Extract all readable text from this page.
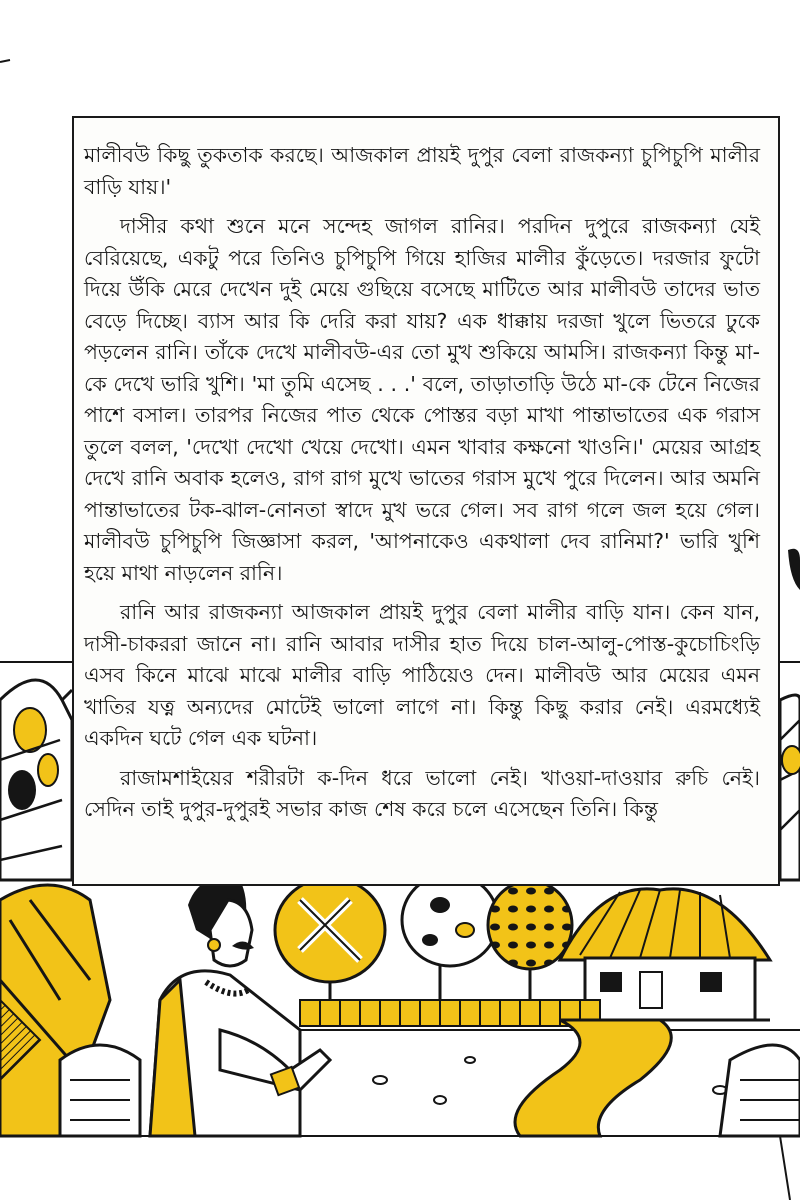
মালীবউ কিছু তুকতাক করছে। আজকাল প্রায়ই দুপুর বেলা রাজকন্যা চুপিচুপি মালীর বাড়ি যায়।'

দাসীর কথা শুনে মনে সন্দেহ জাগল রানির। পরদিন দুপুরে রাজকন্যা যেই বেরিয়েছে, একটু পরে তিনিও চুপিচুপি গিয়ে হাজির মালীর কুঁড়েতে। দরজার ফুটো দিয়ে উঁকি মেরে দেখেন দুই মেয়ে গুছিয়ে বসেছে মাটিতে আর মালীবউ তাদের ভাত বেড়ে দিচ্ছে। ব্যাস আর কি দেরি করা যায়? এক ধাক্কায় দরজা খুলে ভিতরে ঢুকে পড়লেন রানি। তাঁকে দেখে মালীবউ-এর তো মুখ শুকিয়ে আমসি। রাজকন্যা কিন্তু মা-কে দেখে ভারি খুশি। 'মা তুমি এসেছ . . .' বলে, তাড়াতাড়ি উঠে মা-কে টেনে নিজের পাশে বসাল। তারপর নিজের পাত থেকে পোস্তর বড়া মাখা পান্তাভাতের এক গরাস তুলে বলল, 'দেখো দেখো খেয়ে দেখো। এমন খাবার কক্ষনো খাওনি।' মেয়ের আগ্রহ দেখে রানি অবাক হলেও, রাগ রাগ মুখে ভাতের গরাস মুখে পুরে দিলেন। আর অমনি পান্তাভাতের টক-ঝাল-নোনতা স্বাদে মুখ ভরে গেল। সব রাগ গলে জল হয়ে গেল। মালীবউ চুপিচুপি জিজ্ঞাসা করল, 'আপনাকেও একথালা দেব রানিমা?' ভারি খুশি হয়ে মাথা নাড়লেন রানি।

রানি আর রাজকন্যা আজকাল প্রায়ই দুপুর বেলা মালীর বাড়ি যান। কেন যান, দাসী-চাকররা জানে না। রানি আবার দাসীর হাত দিয়ে চাল-আলু-পোস্ত-কুচোচিংড়ি এসব কিনে মাঝে মাঝে মালীর বাড়ি পাঠিয়েও দেন। মালীবউ আর মেয়ের এমন খাতির যত্ন অন্যদের মোটেই ভালো লাগে না। কিন্তু কিছু করার নেই। এরমধ্যেই একদিন ঘটে গেল এক ঘটনা।

রাজামশাইয়ের শরীরটা ক-দিন ধরে ভালো নেই। খাওয়া-দাওয়ার রুচি নেই। সেদিন তাই দুপুর-দুপুরই সভার কাজ শেষ করে চলে এসেছেন তিনি। কিন্তু
